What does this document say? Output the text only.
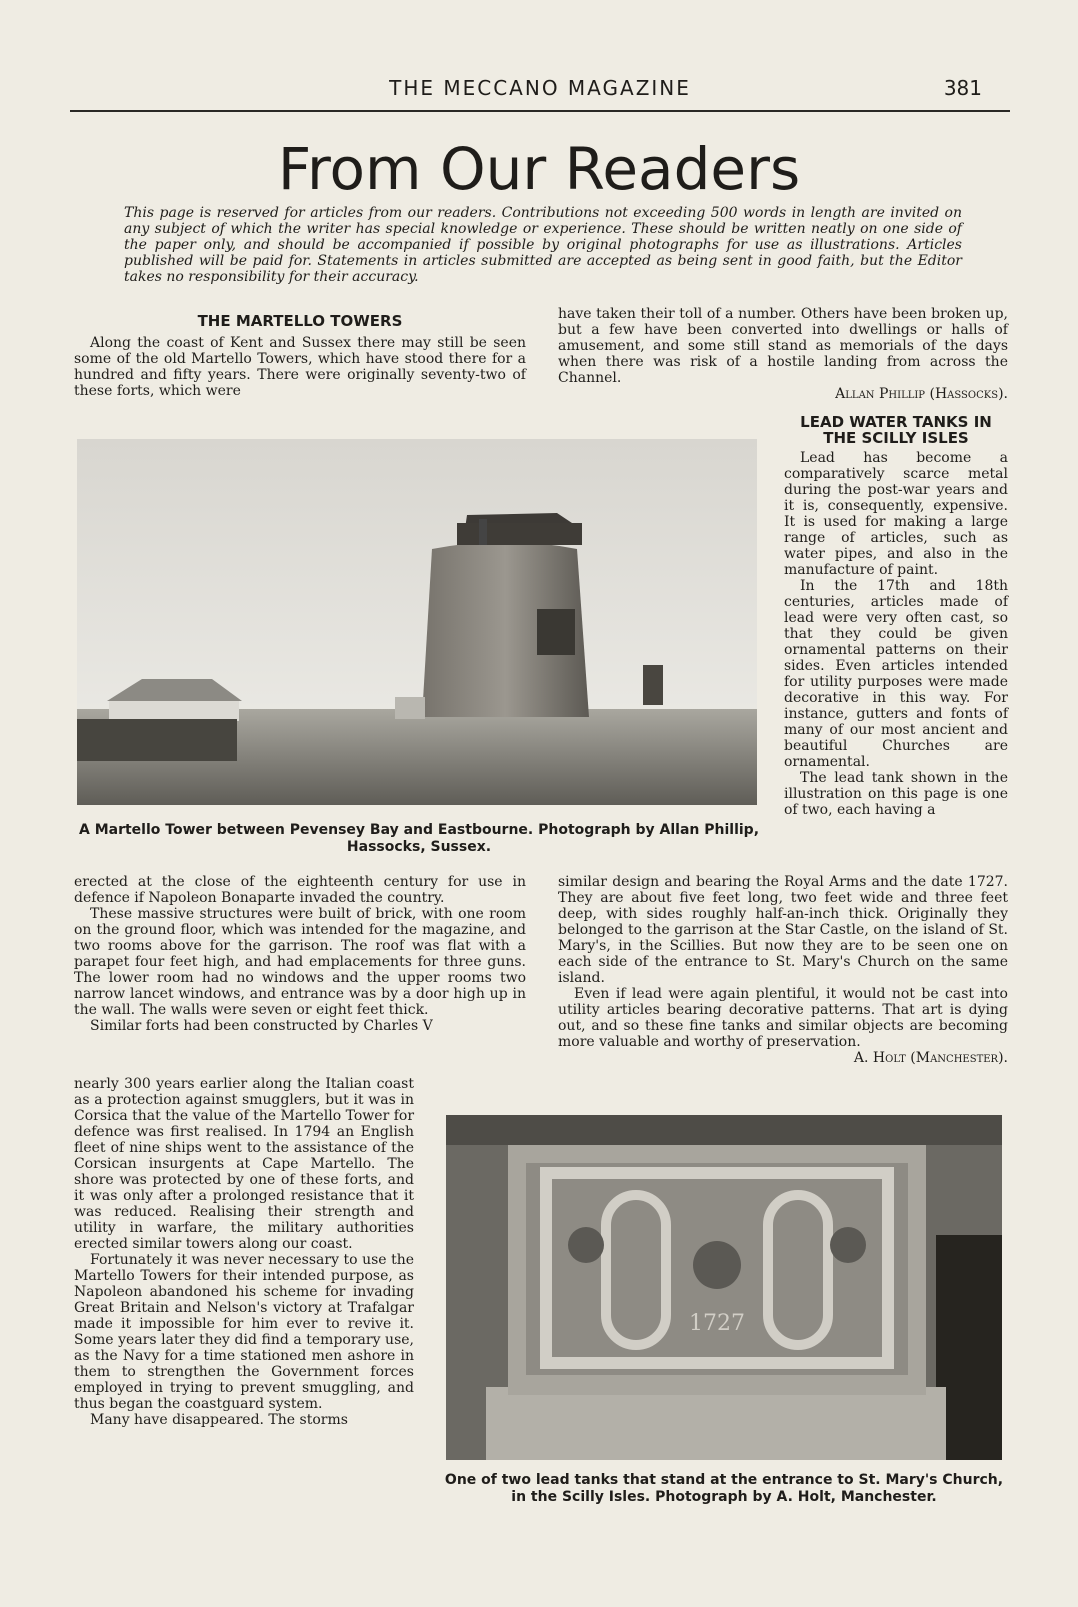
THE MECCANO MAGAZINE	381
From Our Readers
This page is reserved for articles from our readers. Contributions not exceeding 500 words in length are invited on any subject of which the writer has special knowledge or experience. These should be written neatly on one side of the paper only, and should be accompanied if possible by original photographs for use as illustrations. Articles published will be paid for. Statements in articles submitted are accepted as being sent in good faith, but the Editor takes no responsibility for their accuracy.
THE MARTELLO TOWERS

Along the coast of Kent and Sussex there may still be seen some of the old Martello Towers, which have stood there for a hundred and fifty years. There were originally seventy-two of these forts, which were

have taken their toll of a number. Others have been broken up, but a few have been converted into dwellings or halls of amusement, and some still stand as memorials of the days when there was risk of a hostile landing from across the Channel.

Allan Phillip (Hassocks).

A Martello Tower between Pevensey Bay and Eastbourne. Photograph by Allan Phillip, Hassocks, Sussex.
LEAD WATER TANKS IN THE SCILLY ISLES

Lead has become a comparatively scarce metal during the post-war years and it is, consequently, expensive. It is used for making a large range of articles, such as water pipes, and also in the manufacture of paint.

In the 17th and 18th centuries, articles made of lead were very often cast, so that they could be given ornamental patterns on their sides. Even articles intended for utility purposes were made decorative in this way. For instance, gutters and fonts of many of our most ancient and beautiful Churches are ornamental.

The lead tank shown in the illustration on this page is one of two, each having a

erected at the close of the eighteenth century for use in defence if Napoleon Bonaparte invaded the country.

These massive structures were built of brick, with one room on the ground floor, which was intended for the magazine, and two rooms above for the garrison. The roof was flat with a parapet four feet high, and had emplacements for three guns. The lower room had no windows and the upper rooms two narrow lancet windows, and entrance was by a door high up in the wall. The walls were seven or eight feet thick.

Similar forts had been constructed by Charles V

nearly 300 years earlier along the Italian coast as a protection against smugglers, but it was in Corsica that the value of the Martello Tower for defence was first realised. In 1794 an English fleet of nine ships went to the assistance of the Corsican insurgents at Cape Martello. The shore was protected by one of these forts, and it was only after a prolonged resistance that it was reduced. Realising their strength and utility in warfare, the military authorities erected similar towers along our coast.

Fortunately it was never necessary to use the Martello Towers for their intended purpose, as Napoleon abandoned his scheme for invading Great Britain and Nelson's victory at Trafalgar made it impossible for him ever to revive it. Some years later they did find a temporary use, as the Navy for a time stationed men ashore in them to strengthen the Government forces employed in trying to prevent smuggling, and thus began the coastguard system.

Many have disappeared. The storms

similar design and bearing the Royal Arms and the date 1727. They are about five feet long, two feet wide and three feet deep, with sides roughly half-an-inch thick. Originally they belonged to the garrison at the Star Castle, on the island of St. Mary's, in the Scillies. But now they are to be seen one on each side of the entrance to St. Mary's Church on the same island.

Even if lead were again plentiful, it would not be cast into utility articles bearing decorative patterns. That art is dying out, and so these fine tanks and similar objects are becoming more valuable and worthy of preservation.

A. Holt (Manchester).

1727
One of two lead tanks that stand at the entrance to St. Mary's Church, in the Scilly Isles. Photograph by A. Holt, Manchester.
